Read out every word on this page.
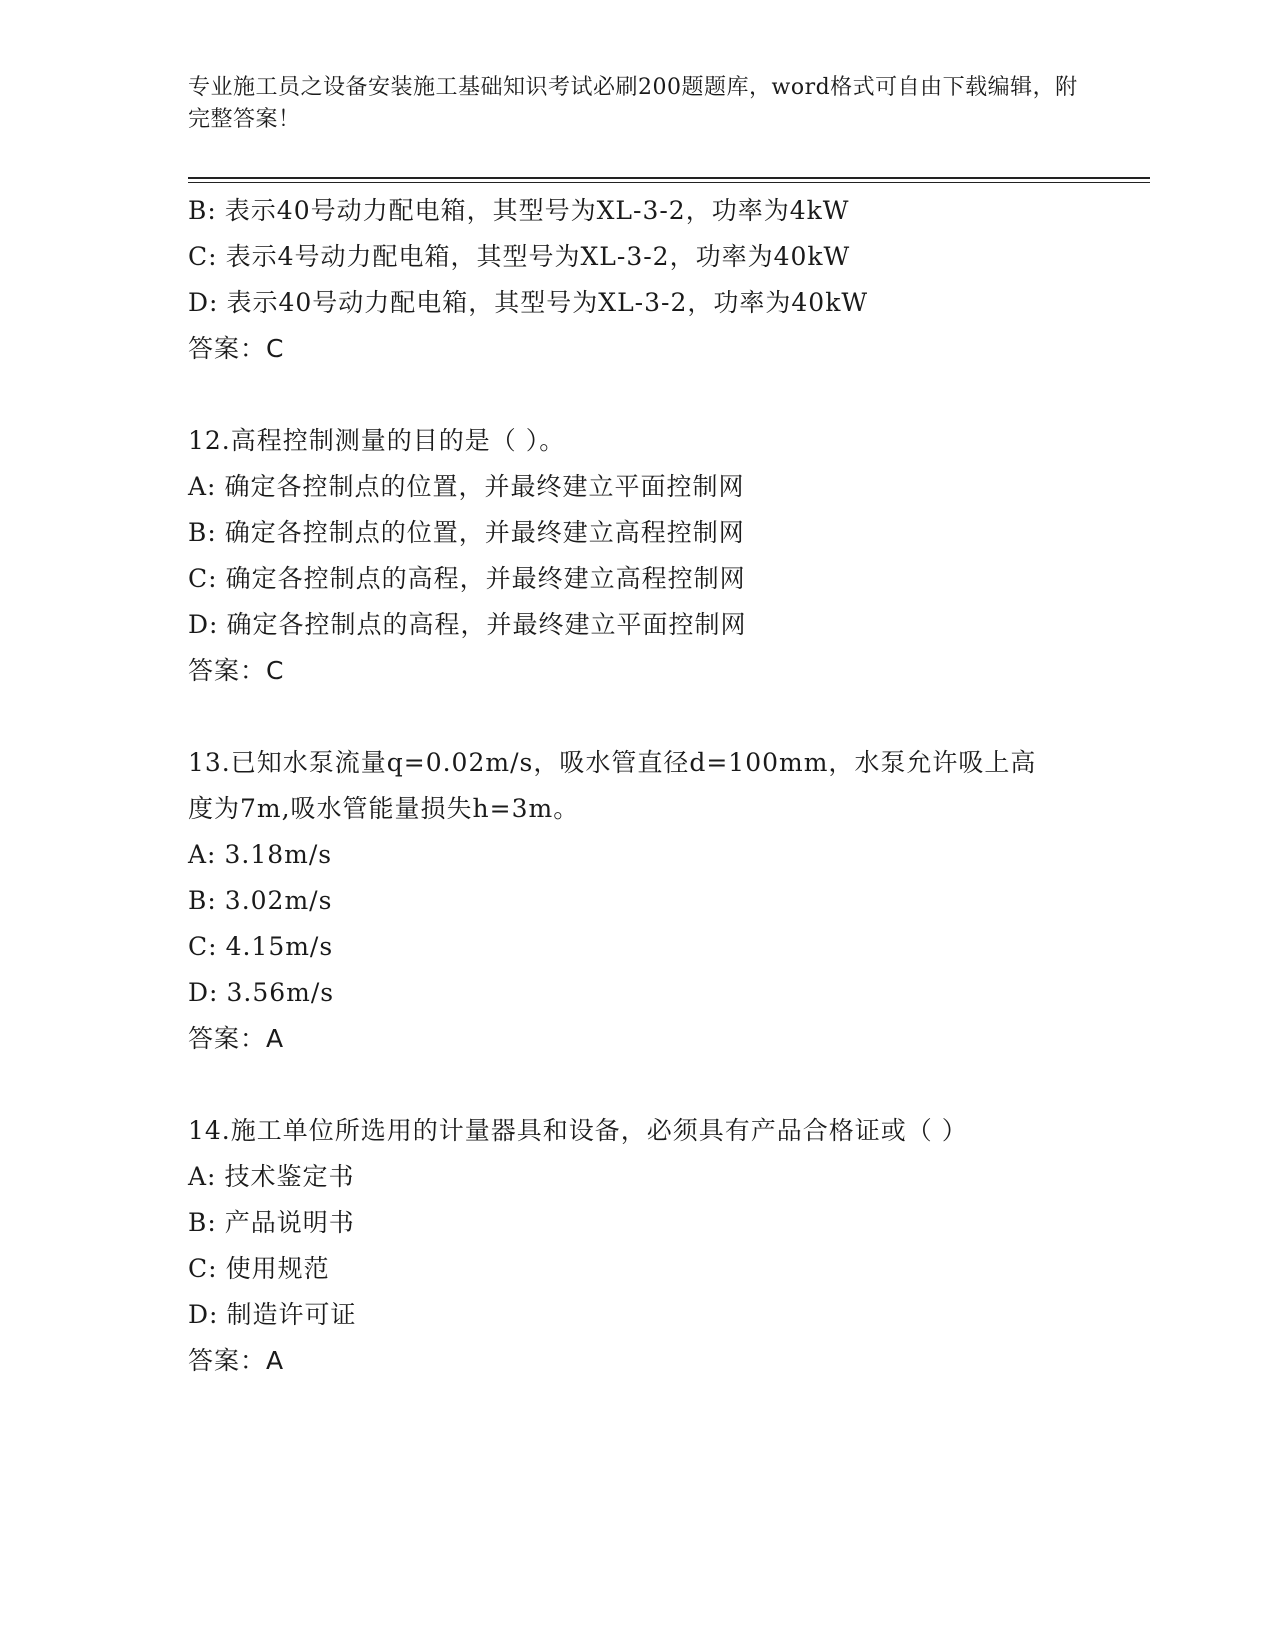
专业施工员之设备安装施工基础知识考试必刷200题题库，word格式可自由下载编辑，附完整答案！
B: 表示40号动力配电箱，其型号为XL-3-2，功率为4kW
C: 表示4号动力配电箱，其型号为XL-3-2，功率为40kW
D: 表示40号动力配电箱，其型号为XL-3-2，功率为40kW
答案：C
12.高程控制测量的目的是（ ）。
A: 确定各控制点的位置，并最终建立平面控制网
B: 确定各控制点的位置，并最终建立高程控制网
C: 确定各控制点的高程，并最终建立高程控制网
D: 确定各控制点的高程，并最终建立平面控制网
答案：C
13.已知水泵流量q=0.02m/s，吸水管直径d=100mm，水泵允许吸上高度为7m,吸水管能量损失h=3m。
A: 3.18m/s
B: 3.02m/s
C: 4.15m/s
D: 3.56m/s
答案：A
14.施工单位所选用的计量器具和设备，必须具有产品合格证或（ ）
A: 技术鉴定书
B: 产品说明书
C: 使用规范
D: 制造许可证
答案：A
